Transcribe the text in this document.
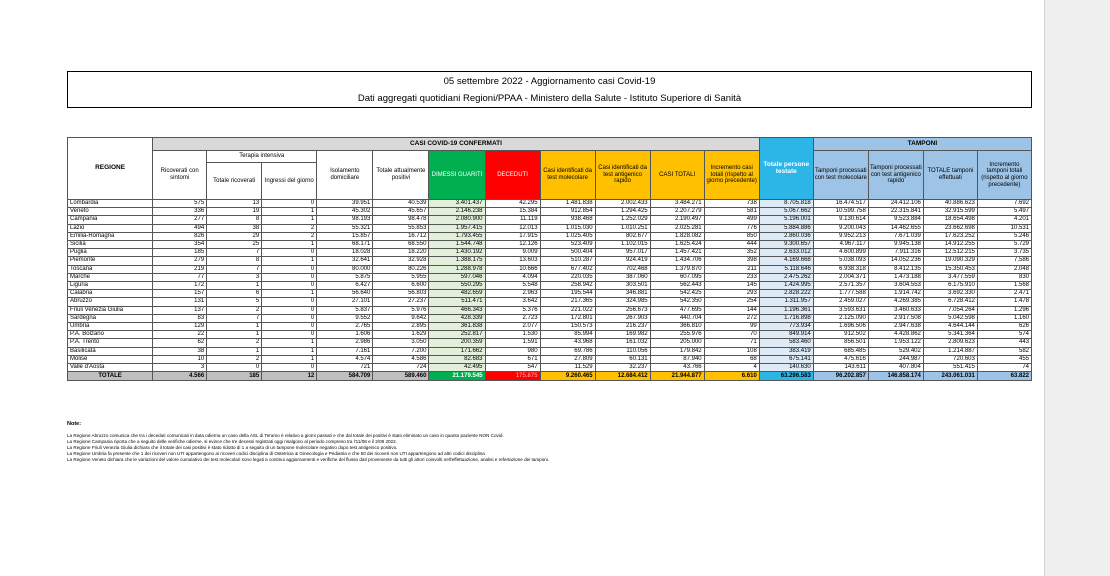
05 settembre 2022 - Aggiornamento casi Covid-19
Dati aggregati quotidiani Regioni/PPAA - Ministero della Salute - Istituto Superiore di Sanità
REGIONE	CASI COVID-19 CONFERMATI											Totale persone testate	TAMPONI			
	Ricoverati con sintomi	Terapia intensiva		Isolamento domiciliare	Totale attualmente positivi	DIMESSI GUARITI	DECEDUTI	Casi identificati da test molecolare	Casi identificati da test antigenico rapido	CASI TOTALI	Incremento casi totali (rispetto al giorno precedente)		Tamponi processati con test molecolare	Tamponi processati con test antigenico rapido	TOTALE tamponi effettuati	Incremento tamponi totali (rispetto al giorno precedente)
		Totale ricoverati	Ingressi del giorno													
Lombardia	575	13	0	39.951	40.539	3.401.437	42.295	1.481.838	2.002.433	3.484.271	738	8.705.818	16.474.517	24.412.106	40.886.623	7.692
Veneto	336	19	1	45.302	45.657	2.146.238	15.384	912.854	1.294.425	2.207.279	581	5.067.662	10.599.758	22.315.841	32.915.599	5.497
Campania	277	8	1	98.193	98.478	2.080.900	11.119	938.468	1.252.029	2.190.497	499	5.196.001	9.130.614	9.523.884	18.654.498	4.201
Lazio	494	38	2	55.321	55.853	1.957.415	12.013	1.015.030	1.010.251	2.025.281	776	5.884.886	9.200.043	14.462.655	23.662.698	10.531
Emilia-Romagna	826	29	2	15.857	16.712	1.793.455	17.915	1.025.405	802.677	1.828.082	850	2.860.036	9.952.213	7.671.039	17.623.252	5.246
Sicilia	354	25	1	68.171	68.550	1.544.748	12.126	523.409	1.102.015	1.625.424	444	9.300.657	4.967.117	9.945.138	14.912.255	5.729
Puglia	185	7	0	18.028	18.220	1.430.192	9.009	500.404	957.017	1.457.421	352	2.633.012	4.600.899	7.911.316	12.512.215	3.735
Piemonte	279	8	1	32.641	32.928	1.388.175	13.603	510.287	924.419	1.434.706	398	4.169.668	5.038.093	14.052.236	19.090.329	7.586
Toscana	219	7	0	80.000	80.226	1.288.978	10.666	677.402	702.468	1.379.870	211	5.118.646	6.938.318	8.412.135	15.350.453	2.048
Marche	77	3	0	5.875	5.955	597.046	4.094	220.035	387.060	607.095	233	2.475.262	2.004.371	1.473.188	3.477.559	830
Liguria	172	1	0	6.427	6.600	550.295	5.548	258.942	303.501	562.443	145	1.424.995	2.571.357	3.604.553	6.175.910	1.568
Calabria	157	6	1	56.640	56.803	482.659	2.963	195.544	346.881	542.425	293	2.828.222	1.777.588	1.914.742	3.692.330	2.471
Abruzzo	131	5	0	27.101	27.237	511.471	3.642	217.365	324.985	542.350	254	1.311.957	2.459.027	4.269.385	6.728.412	1.478
Friuli Venezia Giulia	137	2	0	5.837	5.976	466.343	5.376	221.022	256.673	477.695	144	1.196.361	3.593.631	3.460.633	7.054.264	1.296
Sardegna	83	7	0	9.552	9.642	428.339	2.723	172.801	267.903	440.704	272	1.716.898	2.125.090	2.917.508	5.042.598	1.160
Umbria	129	1	0	2.765	2.895	361.838	2.077	150.573	216.237	366.810	99	773.934	1.696.506	2.947.638	4.644.144	626
P.A. Bolzano	22	1	0	1.606	1.629	252.817	1.530	85.994	169.982	255.976	70	849.914	912.502	4.428.862	5.341.364	574
P.A. Trento	62	2	1	2.986	3.050	200.359	1.591	43.968	161.032	205.000	71	583.460	856.501	1.953.122	2.809.623	443
Basilicata	38	1	1	7.161	7.200	171.662	980	69.786	110.056	179.842	108	383.419	685.485	529.402	1.214.887	582
Molise	10	2	1	4.574	4.586	82.683	671	27.809	60.131	87.940	68	675.141	475.616	244.987	720.603	455
Valle d'Aosta	3	0	0	721	724	42.495	547	11.529	32.237	43.766	4	140.630	143.611	407.804	551.415	74
TOTALE	4.566	185	12	584.709	589.460	21.179.545	175.875	9.260.465	12.684.412	21.944.877	6.610	63.296.583	96.202.857	146.858.174	243.061.031	63.822
Note:
La Regione Abruzzo comunica che tra i deceduti comunicati in data odierna un caso della ASL di Teramo è relativo a giorni passati e che dal totale dei positivi è stato eliminato un caso in quanto paziente NON Covid.
La Regione Campania riporta che a seguito delle verifiche odierne, si evince che tre decessi registrati oggi risalgono al periodo compreso tra l'11/08 e il 2/09 2022.
La Regione Friuli Venezia Giulia dichiara che il totale dei casi positivi è stato ridotto di 1 a seguito di un tampone molecolare negativo dopo test antigenico positivo.
La Regione Umbria fa presente che 1 dei ricoveri non UTI appartengono ai ricoveri codici disciplina di Ostetricia & Ginecologia e Pediatria e che 50 dei ricoveri non UTI appartengono ad altri codici disciplina
La Regione Veneto dichiara che le variazioni del valore cumulativo dei test molecolari sono legati a continui aggiornamenti e verifiche del flusso dati proveniente da tutti gli attori coinvolti nell'effettuazione, analisi e refertazione dei tamponi.
